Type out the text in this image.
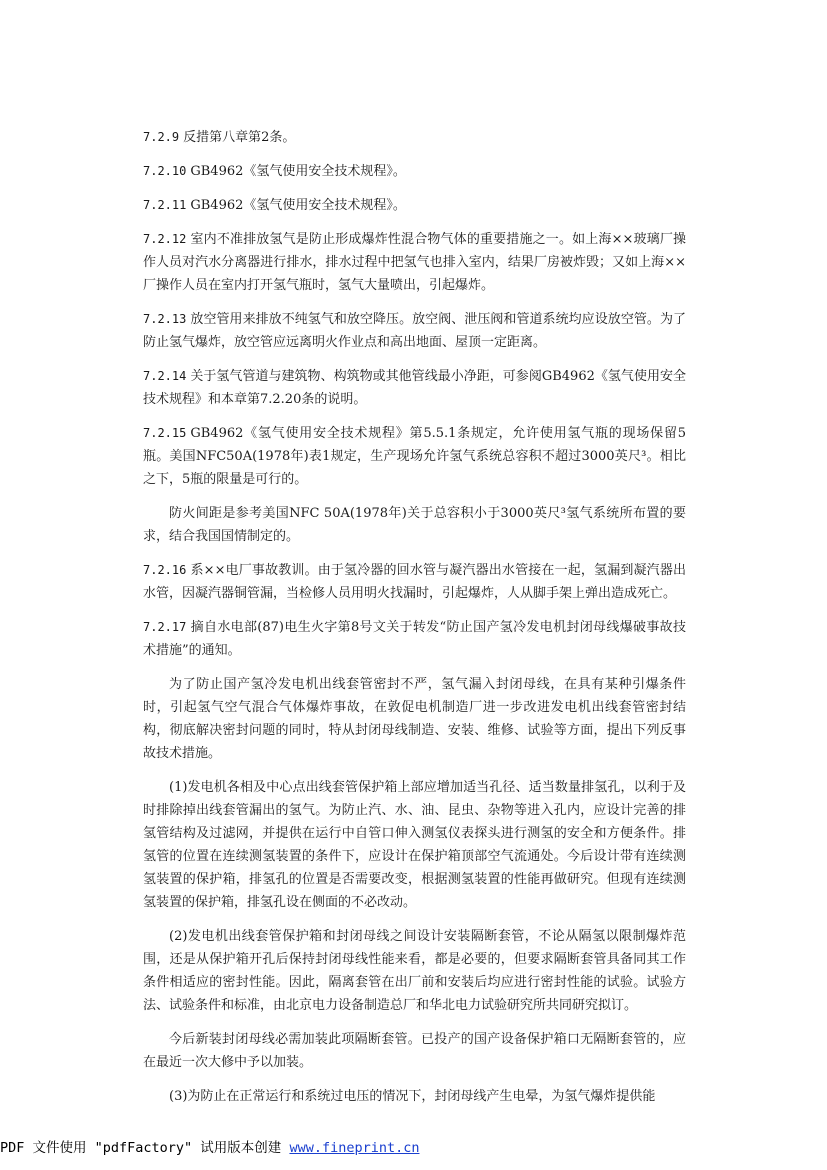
7.2.9 反措第八章第2条。

7.2.10 GB4962《氢气使用安全技术规程》。

7.2.11 GB4962《氢气使用安全技术规程》。

7.2.12 室内不准排放氢气是防止形成爆炸性混合物气体的重要措施之一。如上海××玻璃厂操作人员对汽水分离器进行排水，排水过程中把氢气也排入室内，结果厂房被炸毁；又如上海××厂操作人员在室内打开氢气瓶时，氢气大量喷出，引起爆炸。

7.2.13 放空管用来排放不纯氢气和放空降压。放空阀、泄压阀和管道系统均应设放空管。为了防止氢气爆炸，放空管应远离明火作业点和高出地面、屋顶一定距离。

7.2.14 关于氢气管道与建筑物、构筑物或其他管线最小净距，可参阅GB4962《氢气使用安全技术规程》和本章第7.2.20条的说明。

7.2.15 GB4962《氢气使用安全技术规程》第5.5.1条规定，允许使用氢气瓶的现场保留5瓶。美国NFC50A(1978年)表1规定，生产现场允许氢气系统总容积不超过3000英尺³。相比之下，5瓶的限量是可行的。

防火间距是参考美国NFC 50A(1978年)关于总容积小于3000英尺³氢气系统所布置的要求，结合我国国情制定的。

7.2.16 系××电厂事故教训。由于氢冷器的回水管与凝汽器出水管接在一起，氢漏到凝汽器出水管，因凝汽器铜管漏，当检修人员用明火找漏时，引起爆炸，人从脚手架上弹出造成死亡。

7.2.17 摘自水电部(87)电生火字第8号文关于转发“防止国产氢冷发电机封闭母线爆破事故技术措施”的通知。

为了防止国产氢冷发电机出线套管密封不严，氢气漏入封闭母线，在具有某种引爆条件时，引起氢气空气混合气体爆炸事故，在敦促电机制造厂进一步改进发电机出线套管密封结构，彻底解决密封问题的同时，特从封闭母线制造、安装、维修、试验等方面，提出下列反事故技术措施。

(1)发电机各相及中心点出线套管保护箱上部应增加适当孔径、适当数量排氢孔，以利于及时排除掉出线套管漏出的氢气。为防止汽、水、油、昆虫、杂物等进入孔内，应设计完善的排氢管结构及过滤网，并提供在运行中自管口伸入测氢仪表探头进行测氢的安全和方便条件。排氢管的位置在连续测氢装置的条件下，应设计在保护箱顶部空气流通处。今后设计带有连续测氢装置的保护箱，排氢孔的位置是否需要改变，根据测氢装置的性能再做研究。但现有连续测氢装置的保护箱，排氢孔设在侧面的不必改动。

(2)发电机出线套管保护箱和封闭母线之间设计安装隔断套管，不论从隔氢以限制爆炸范围，还是从保护箱开孔后保持封闭母线性能来看，都是必要的，但要求隔断套管具备同其工作条件相适应的密封性能。因此，隔离套管在出厂前和安装后均应进行密封性能的试验。试验方法、试验条件和标准，由北京电力设备制造总厂和华北电力试验研究所共同研究拟订。

今后新装封闭母线必需加装此项隔断套管。已投产的国产设备保护箱口无隔断套管的，应在最近一次大修中予以加装。

(3)为防止在正常运行和系统过电压的情况下，封闭母线产生电晕，为氢气爆炸提供能

PDF 文件使用 "pdfFactory" 试用版本创建 www.fineprint.cn
